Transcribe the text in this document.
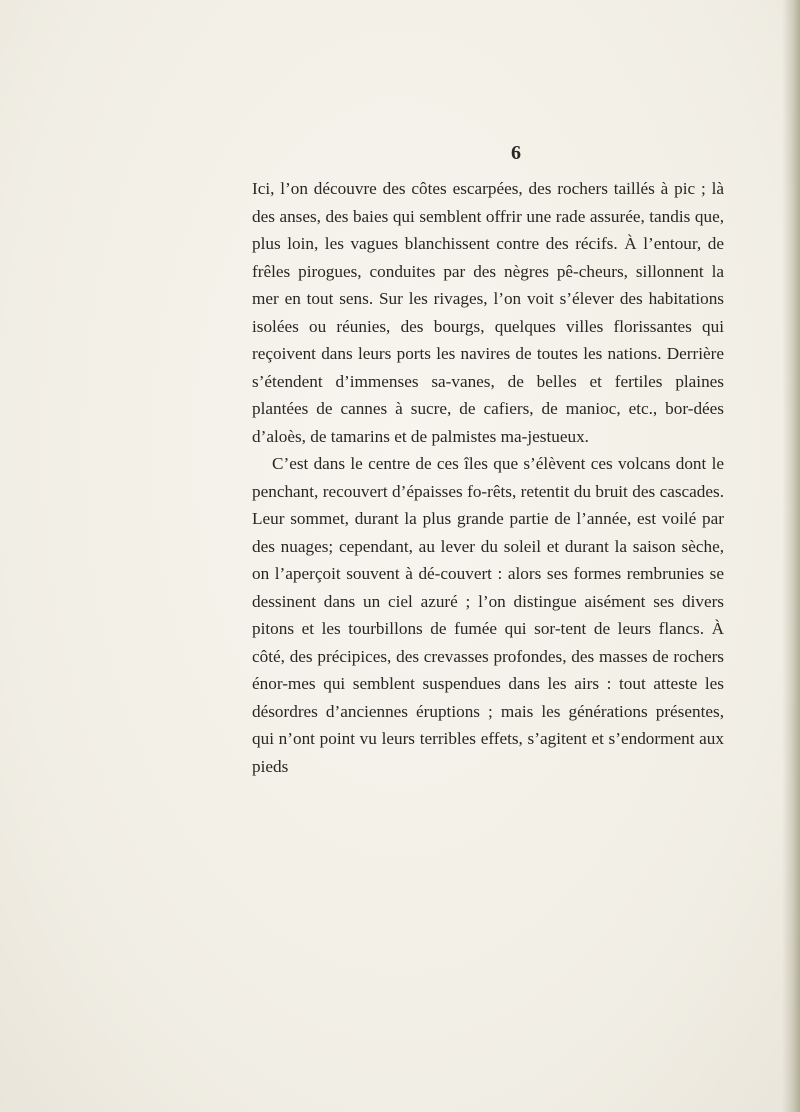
6

Ici, l’on découvre des côtes escarpées, des rochers taillés à pic ; là des anses, des baies qui semblent offrir une rade assurée, tandis que, plus loin, les vagues blanchissent contre des récifs. À l’entour, de frêles pirogues, conduites par des nègres pê-cheurs, sillonnent la mer en tout sens. Sur les rivages, l’on voit s’élever des habitations isolées ou réunies, des bourgs, quelques villes florissantes qui reçoivent dans leurs ports les navires de toutes les nations. Derrière s’étendent d’immenses sa-vanes, de belles et fertiles plaines plantées de cannes à sucre, de cafiers, de manioc, etc., bor-dées d’aloès, de tamarins et de palmistes ma-jestueux.

C’est dans le centre de ces îles que s’élèvent ces volcans dont le penchant, recouvert d’épaisses fo-rêts, retentit du bruit des cascades. Leur sommet, durant la plus grande partie de l’année, est voilé par des nuages; cependant, au lever du soleil et durant la saison sèche, on l’aperçoit souvent à dé-couvert : alors ses formes rembrunies se dessinent dans un ciel azuré ; l’on distingue aisément ses divers pitons et les tourbillons de fumée qui sor-tent de leurs flancs. À côté, des précipices, des crevasses profondes, des masses de rochers énor-mes qui semblent suspendues dans les airs : tout atteste les désordres d’anciennes éruptions ; mais les générations présentes, qui n’ont point vu leurs terribles effets, s’agitent et s’endorment aux pieds
